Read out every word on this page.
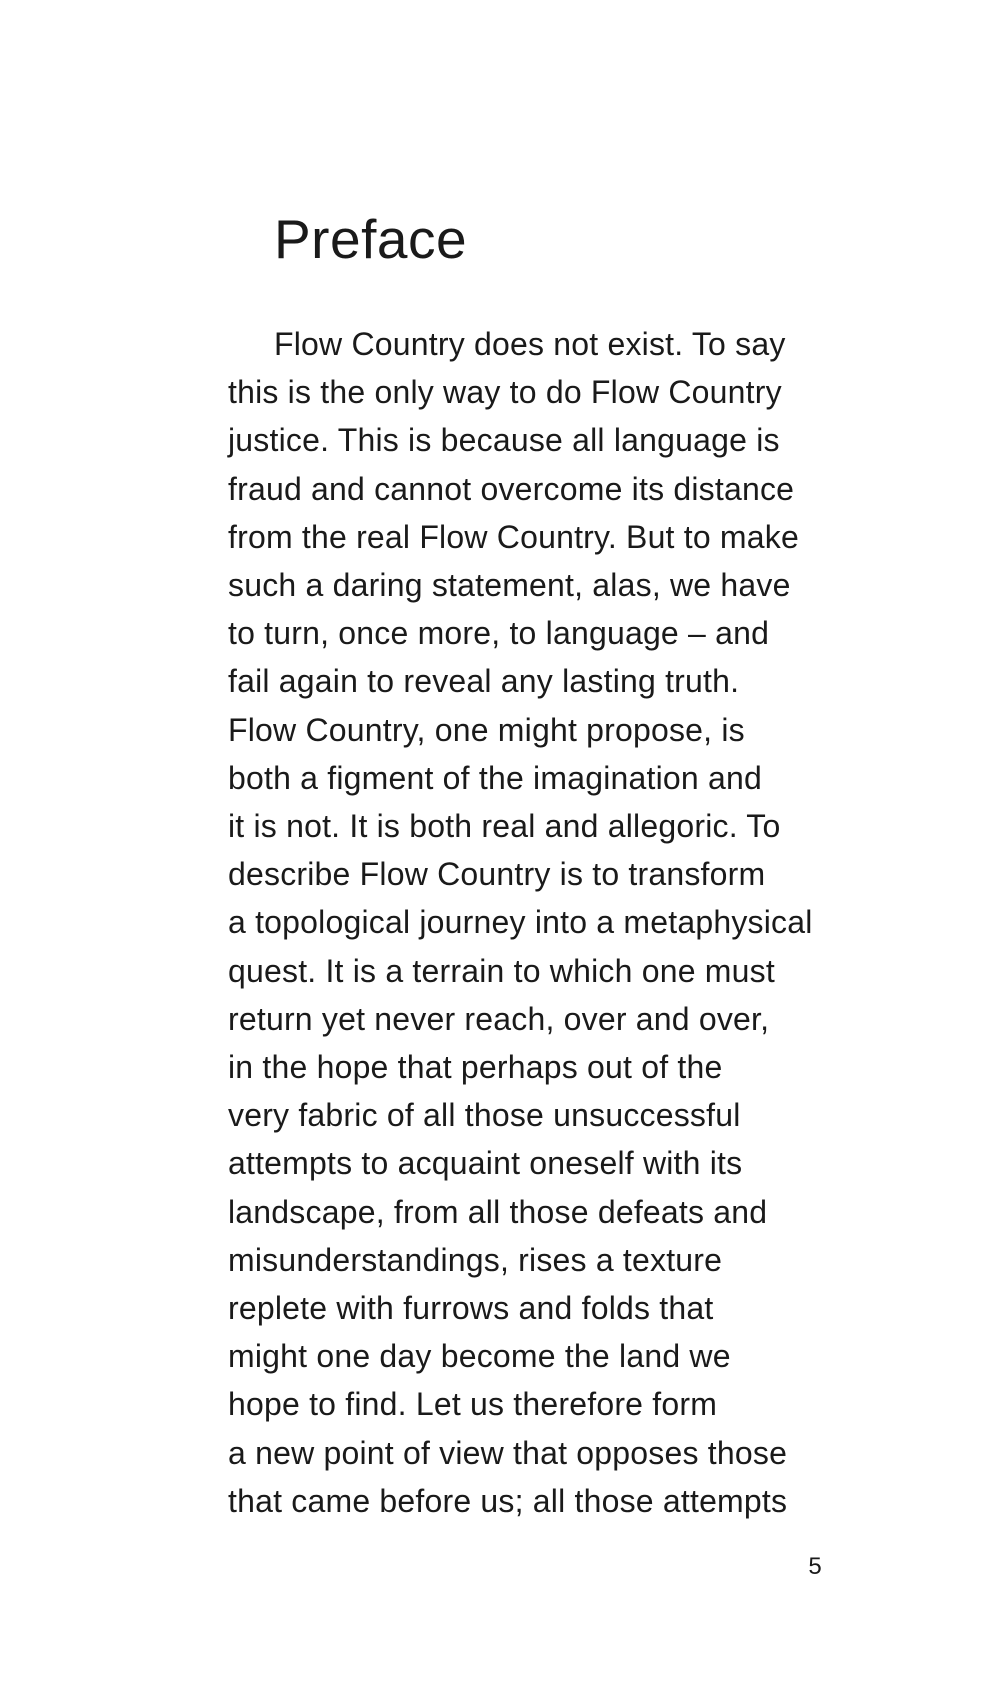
Preface
Flow Country does not exist. To say
this is the only way to do Flow Country
justice. This is because all language is
fraud and cannot overcome its distance
from the real Flow Country. But to make
such a daring statement, alas, we have
to turn, once more, to language – and
fail again to reveal any lasting truth.
Flow Country, one might propose, is
both a figment of the imagination and
it is not. It is both real and allegoric. To
describe Flow Country is to transform
a topological journey into a metaphysical
quest. It is a terrain to which one must
return yet never reach, over and over,
in the hope that perhaps out of the
very fabric of all those unsuccessful
attempts to acquaint oneself with its
landscape, from all those defeats and
misunderstandings, rises a texture
replete with furrows and folds that
might one day become the land we
hope to find. Let us therefore form
a new point of view that opposes those
that came before us; all those attempts
5
